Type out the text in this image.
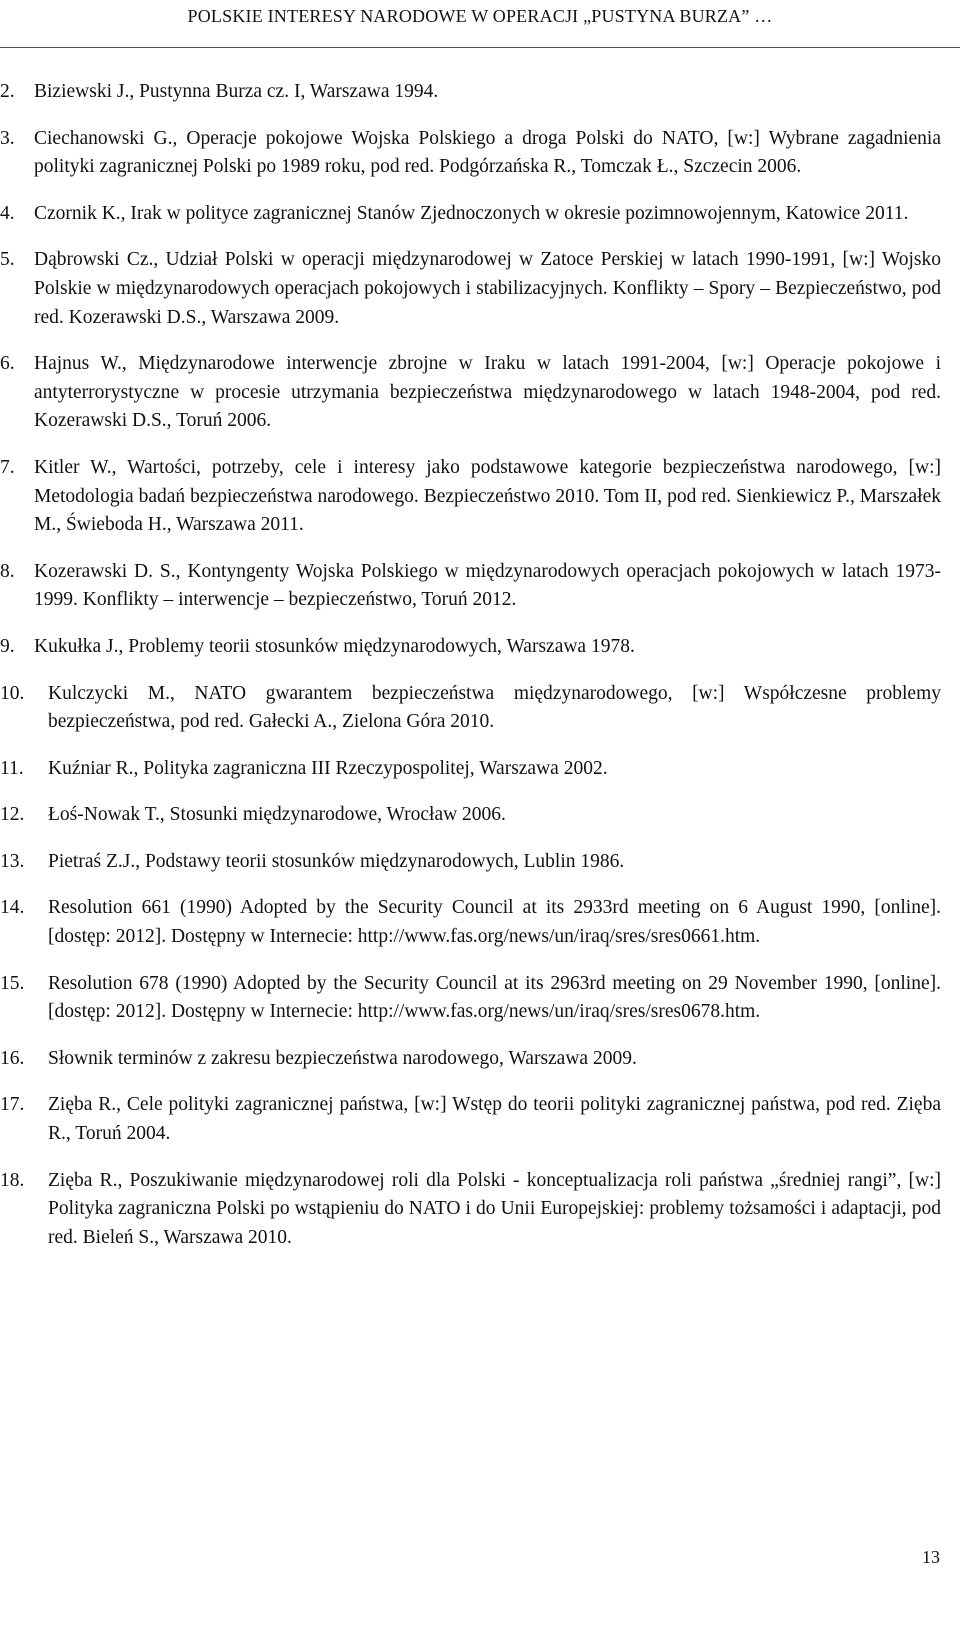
POLSKIE INTERESY NARODOWE W OPERACJI „PUSTYNA BURZA” …
2. Biziewski J., Pustynna Burza cz. I, Warszawa 1994.
3. Ciechanowski G., Operacje pokojowe Wojska Polskiego a droga Polski do NATO, [w:] Wybrane zagadnienia polityki zagranicznej Polski po 1989 roku, pod red. Podgórzańska R., Tomczak Ł., Szczecin 2006.
4. Czornik K., Irak w polityce zagranicznej Stanów Zjednoczonych w okresie pozimnowojennym, Katowice 2011.
5. Dąbrowski Cz., Udział Polski w operacji międzynarodowej w Zatoce Perskiej w latach 1990-1991, [w:] Wojsko Polskie w międzynarodowych operacjach pokojowych i stabilizacyjnych. Konflikty – Spory – Bezpieczeństwo, pod red. Kozerawski D.S., Warszawa 2009.
6. Hajnus W., Międzynarodowe interwencje zbrojne w Iraku w latach 1991-2004, [w:] Operacje pokojowe i antyterrorystyczne w procesie utrzymania bezpieczeństwa międzynarodowego w latach 1948-2004, pod red. Kozerawski D.S., Toruń 2006.
7. Kitler W., Wartości, potrzeby, cele i interesy jako podstawowe kategorie bezpieczeństwa narodowego, [w:] Metodologia badań bezpieczeństwa narodowego. Bezpieczeństwo 2010. Tom II, pod red. Sienkiewicz P., Marszałek M., Świeboda H., Warszawa 2011.
8. Kozerawski D. S., Kontyngenty Wojska Polskiego w międzynarodowych operacjach pokojowych w latach 1973-1999. Konflikty – interwencje – bezpieczeństwo, Toruń 2012.
9. Kukułka J., Problemy teorii stosunków międzynarodowych, Warszawa 1978.
10.	Kulczycki M., NATO gwarantem bezpieczeństwa międzynarodowego, [w:] Współczesne problemy bezpieczeństwa, pod red. Gałecki A., Zielona Góra 2010.
11.	Kuźniar R., Polityka zagraniczna III Rzeczypospolitej, Warszawa 2002.
12.	Łoś-Nowak T., Stosunki międzynarodowe, Wrocław 2006.
13.	Pietraś Z.J., Podstawy teorii stosunków międzynarodowych, Lublin 1986.
14.	Resolution 661 (1990) Adopted by the Security Council at its 2933rd meeting on 6 August 1990, [online]. [dostęp: 2012]. Dostępny w Internecie: http://www.fas.org/news/un/iraq/sres/sres0661.htm.
15.	Resolution 678 (1990) Adopted by the Security Council at its 2963rd meeting on 29 November 1990, [online]. [dostęp: 2012]. Dostępny w Internecie: http://www.fas.org/news/un/iraq/sres/sres0678.htm.
16.	Słownik terminów z zakresu bezpieczeństwa narodowego, Warszawa 2009.
17.	Zięba R., Cele polityki zagranicznej państwa, [w:] Wstęp do teorii polityki zagranicznej państwa, pod red. Zięba R., Toruń 2004.
18.	Zięba R., Poszukiwanie międzynarodowej roli dla Polski - konceptualizacja roli państwa „średniej rangi”, [w:] Polityka zagraniczna Polski po wstąpieniu do NATO i do Unii Europejskiej: problemy tożsamości i adaptacji, pod red. Bieleń S., Warszawa 2010.
13
